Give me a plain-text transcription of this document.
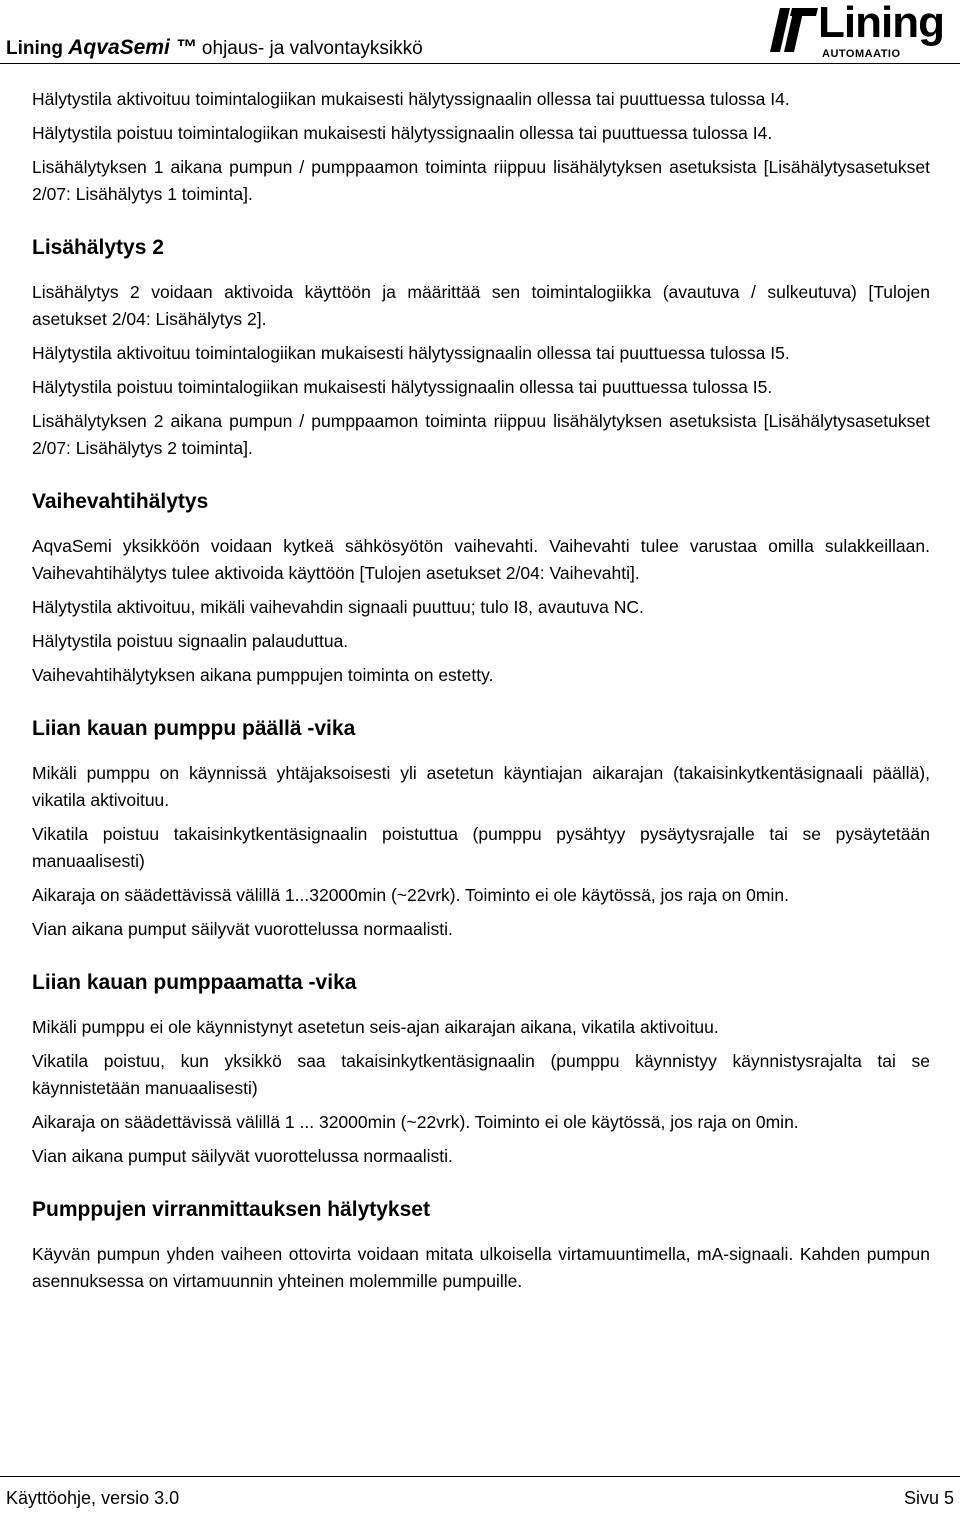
Lining AqvaSemi ™ ohjaus- ja valvontayksikkö
Lining
AUTOMAATIO

Hälytystila aktivoituu toimintalogiikan mukaisesti hälytyssignaalin ollessa tai puuttuessa tulossa I4.

Hälytystila poistuu toimintalogiikan mukaisesti hälytyssignaalin ollessa tai puuttuessa tulossa I4.

Lisähälytyksen 1 aikana pumpun / pumppaamon toiminta riippuu lisähälytyksen asetuksista [Lisähälytysasetukset 2/07: Lisähälytys 1 toiminta].

Lisähälytys 2

Lisähälytys 2 voidaan aktivoida käyttöön ja määrittää sen toimintalogiikka (avautuva / sulkeutuva) [Tulojen asetukset 2/04: Lisähälytys 2].

Hälytystila aktivoituu toimintalogiikan mukaisesti hälytyssignaalin ollessa tai puuttuessa tulossa I5.

Hälytystila poistuu toimintalogiikan mukaisesti hälytyssignaalin ollessa tai puuttuessa tulossa I5.

Lisähälytyksen 2 aikana pumpun / pumppaamon toiminta riippuu lisähälytyksen asetuksista [Lisähälytysasetukset 2/07: Lisähälytys 2 toiminta].

Vaihevahtihälytys

AqvaSemi yksikköön voidaan kytkeä sähkösyötön vaihevahti. Vaihevahti tulee varustaa omilla sulakkeillaan. Vaihevahtihälytys tulee aktivoida käyttöön [Tulojen asetukset 2/04: Vaihevahti].

Hälytystila aktivoituu, mikäli vaihevahdin signaali puuttuu; tulo I8, avautuva NC.

Hälytystila poistuu signaalin palauduttua.

Vaihevahtihälytyksen aikana pumppujen toiminta on estetty.

Liian kauan pumppu päällä -vika

Mikäli pumppu on käynnissä yhtäjaksoisesti yli asetetun käyntiajan aikarajan (takaisinkytkentäsignaali päällä), vikatila aktivoituu.

Vikatila poistuu takaisinkytkentäsignaalin poistuttua (pumppu pysähtyy pysäytysrajalle tai se pysäytetään manuaalisesti)

Aikaraja on säädettävissä välillä 1...32000min (~22vrk). Toiminto ei ole käytössä, jos raja on 0min.

Vian aikana pumput säilyvät vuorottelussa normaalisti.

Liian kauan pumppaamatta -vika

Mikäli pumppu ei ole käynnistynyt asetetun seis-ajan aikarajan aikana, vikatila aktivoituu.

Vikatila poistuu, kun yksikkö saa takaisinkytkentäsignaalin (pumppu käynnistyy käynnistysrajalta tai se käynnistetään manuaalisesti)

Aikaraja on säädettävissä välillä 1 ... 32000min (~22vrk). Toiminto ei ole käytössä, jos raja on 0min.

Vian aikana pumput säilyvät vuorottelussa normaalisti.

Pumppujen virranmittauksen hälytykset

Käyvän pumpun yhden vaiheen ottovirta voidaan mitata ulkoisella virtamuuntimella, mA-signaali. Kahden pumpun asennuksessa on virtamuunnin yhteinen molemmille pumpuille.

Käyttöohje, versio 3.0	Sivu 5
